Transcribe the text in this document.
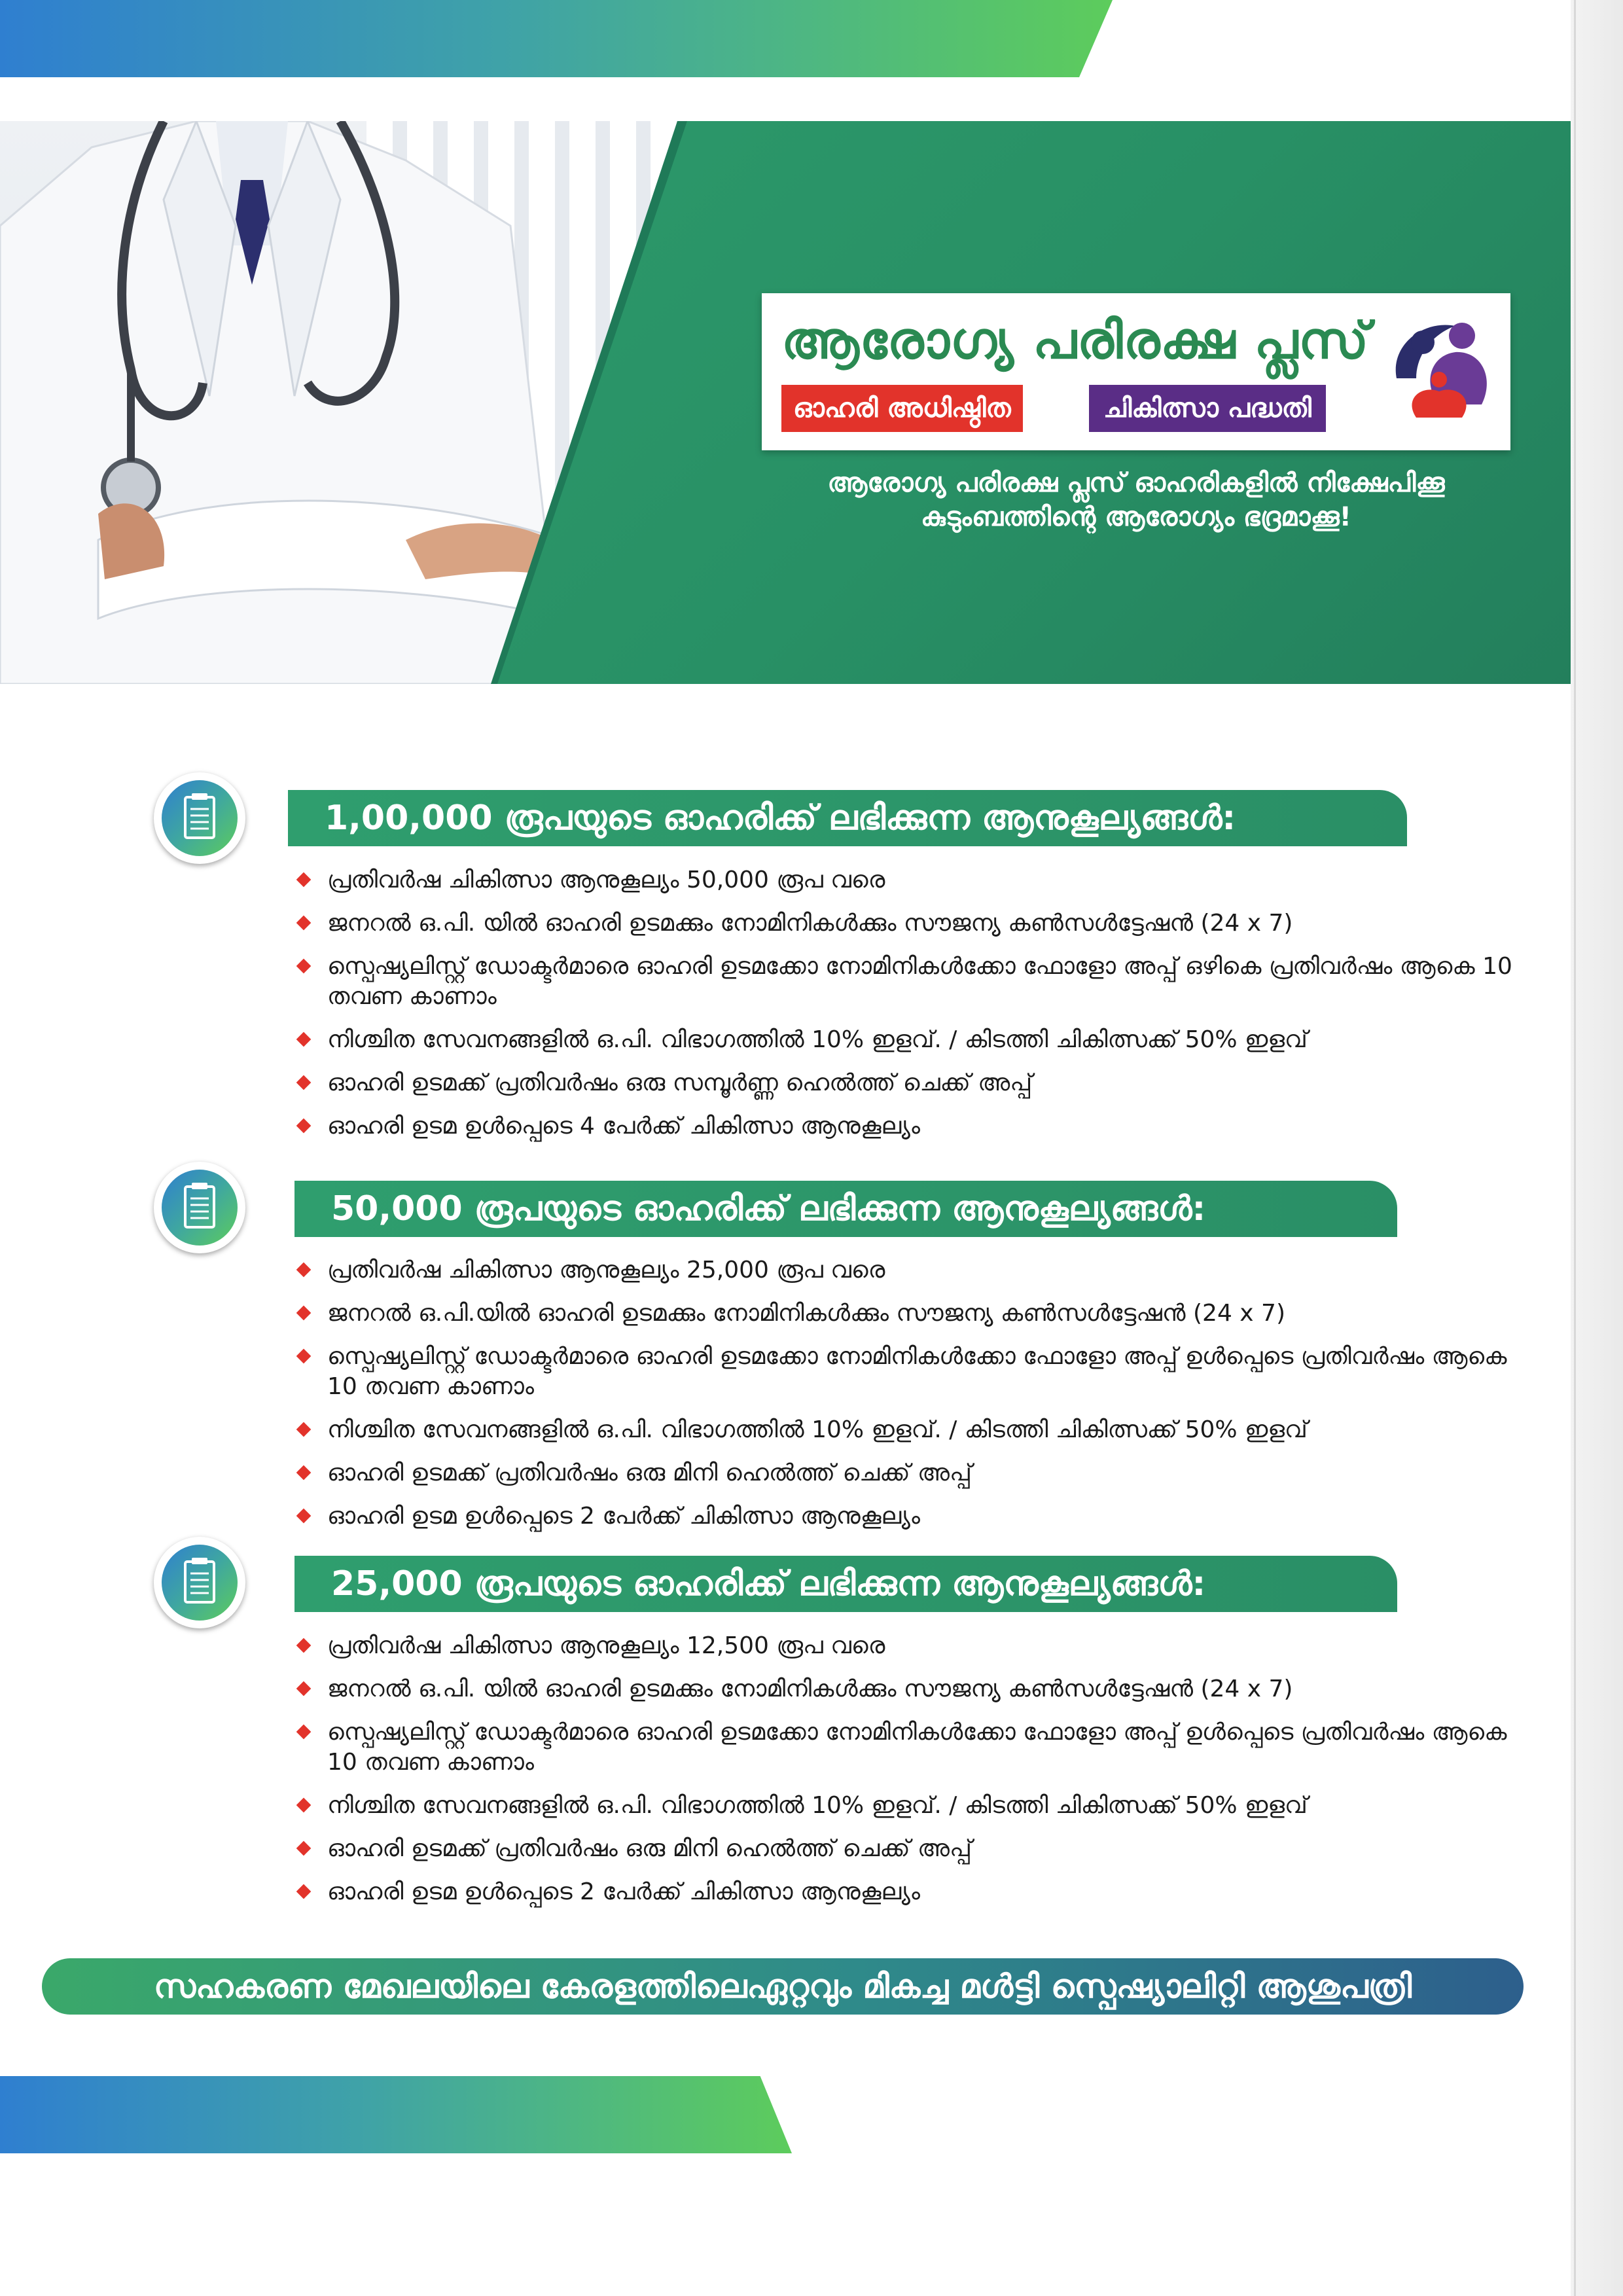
ആരോഗ്യ പരിരക്ഷ പ്ലസ്
ഓഹരി അധിഷ്ഠിത	ചികിത്സാ പദ്ധതി
ആരോഗ്യ പരിരക്ഷ പ്ലസ് ഓഹരികളിൽ നിക്ഷേപിക്കൂ
കുടുംബത്തിന്റെ ആരോഗ്യം ഭദ്രമാക്കൂ!
1,00,000 രൂപയുടെ ഓഹരിക്ക് ലഭിക്കുന്ന ആനുകൂല്യങ്ങൾ:
പ്രതിവർഷ ചികിത്സാ ആനുകൂല്യം 50,000 രൂപ വരെ
ജനറൽ ഒ.പി. യിൽ ഓഹരി ഉടമക്കും നോമിനികൾക്കും സൗജന്യ കൺസൾട്ടേഷൻ (24 x 7)
സ്പെഷ്യലിസ്റ്റ് ഡോക്ടർമാരെ ഓഹരി ഉടമക്കോ നോമിനികൾക്കോ ഫോളോ അപ്പ് ഒഴികെ പ്രതിവർഷം ആകെ 10 തവണ കാണാം
നിശ്ചിത സേവനങ്ങളിൽ ഒ.പി. വിഭാഗത്തിൽ 10% ഇളവ്. / കിടത്തി ചികിത്സക്ക് 50% ഇളവ്
ഓഹരി ഉടമക്ക് പ്രതിവർഷം ഒരു സമ്പൂർണ്ണ ഹെൽത്ത് ചെക്ക് അപ്പ്
ഓഹരി ഉടമ ഉൾപ്പെടെ 4 പേർക്ക് ചികിത്സാ ആനുകൂല്യം
50,000 രൂപയുടെ ഓഹരിക്ക് ലഭിക്കുന്ന ആനുകൂല്യങ്ങൾ:
പ്രതിവർഷ ചികിത്സാ ആനുകൂല്യം 25,000 രൂപ വരെ
ജനറൽ ഒ.പി.യിൽ ഓഹരി ഉടമക്കും നോമിനികൾക്കും സൗജന്യ കൺസൾട്ടേഷൻ (24 x 7)
സ്പെഷ്യലിസ്റ്റ് ഡോക്ടർമാരെ ഓഹരി ഉടമക്കോ നോമിനികൾക്കോ ഫോളോ അപ്പ് ഉൾപ്പെടെ പ്രതിവർഷം ആകെ 10 തവണ കാണാം
നിശ്ചിത സേവനങ്ങളിൽ ഒ.പി. വിഭാഗത്തിൽ 10% ഇളവ്. / കിടത്തി ചികിത്സക്ക് 50% ഇളവ്
ഓഹരി ഉടമക്ക് പ്രതിവർഷം ഒരു മിനി ഹെൽത്ത് ചെക്ക് അപ്പ്
ഓഹരി ഉടമ ഉൾപ്പെടെ 2 പേർക്ക് ചികിത്സാ ആനുകൂല്യം
25,000 രൂപയുടെ ഓഹരിക്ക് ലഭിക്കുന്ന ആനുകൂല്യങ്ങൾ:
പ്രതിവർഷ ചികിത്സാ ആനുകൂല്യം 12,500 രൂപ വരെ
ജനറൽ ഒ.പി. യിൽ ഓഹരി ഉടമക്കും നോമിനികൾക്കും സൗജന്യ കൺസൾട്ടേഷൻ (24 x 7)
സ്പെഷ്യലിസ്റ്റ് ഡോക്ടർമാരെ ഓഹരി ഉടമക്കോ നോമിനികൾക്കോ ഫോളോ അപ്പ് ഉൾപ്പെടെ പ്രതിവർഷം ആകെ 10 തവണ കാണാം
നിശ്ചിത സേവനങ്ങളിൽ ഒ.പി. വിഭാഗത്തിൽ 10% ഇളവ്. / കിടത്തി ചികിത്സക്ക് 50% ഇളവ്
ഓഹരി ഉടമക്ക് പ്രതിവർഷം ഒരു മിനി ഹെൽത്ത് ചെക്ക് അപ്പ്
ഓഹരി ഉടമ ഉൾപ്പെടെ 2 പേർക്ക് ചികിത്സാ ആനുകൂല്യം
സഹകരണ മേഖലയിലെ കേരളത്തിലെഏറ്റവും മികച്ച മൾട്ടി സ്പെഷ്യാലിറ്റി ആശുപത്രി
